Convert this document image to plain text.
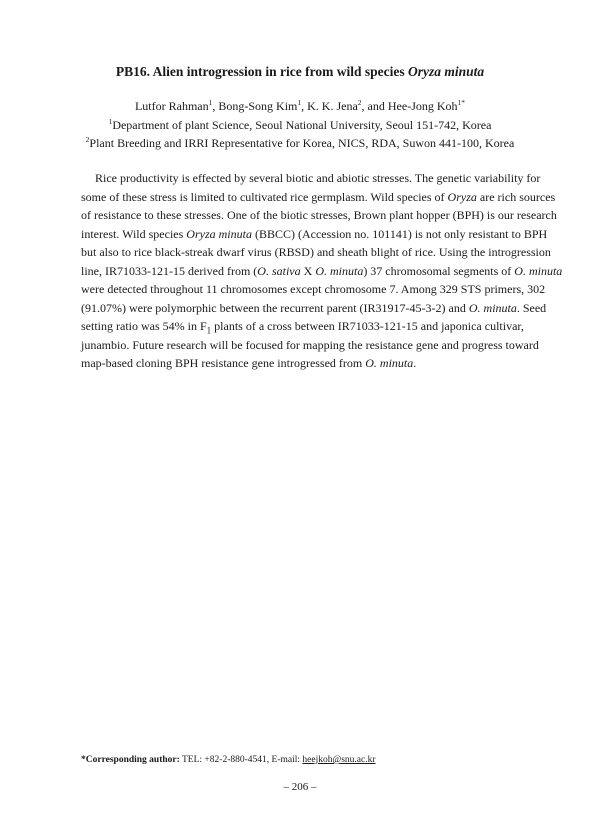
PB16. Alien introgression in rice from wild species Oryza minuta
Lutfor Rahman$^1$, Bong-Song Kim$^1$, K. K. Jena$^2$, and Hee-Jong Koh$^{1*}$
$^1$Department of plant Science, Seoul National University, Seoul 151-742, Korea
$^2$Plant Breeding and IRRI Representative for Korea, NICS, RDA, Suwon 441-100, Korea
Rice productivity is effected by several biotic and abiotic stresses. The genetic variability for
some of these stress is limited to cultivated rice germplasm. Wild species of Oryza are rich sources
of resistance to these stresses. One of the biotic stresses, Brown plant hopper (BPH) is our research
interest. Wild species Oryza minuta (BBCC) (Accession no. 101141) is not only resistant to BPH
but also to rice black-streak dwarf virus (RBSD) and sheath blight of rice. Using the introgression
line, IR71033-121-15 derived from (O. sativa X O. minuta) 37 chromosomal segments of O. minuta
were detected throughout 11 chromosomes except chromosome 7. Among 329 STS primers, 302
(91.07%) were polymorphic between the recurrent parent (IR31917-45-3-2) and O. minuta. Seed
setting ratio was 54% in $F_1$ plants of a cross between IR71033-121-15 and japonica cultivar,
junambio. Future research will be focused for mapping the resistance gene and progress toward
map-based cloning BPH resistance gene introgressed from O. minuta.
*Corresponding author: TEL: +82-2-880-4541, E-mail: heejkoh@snu.ac.kr
– 206 –
